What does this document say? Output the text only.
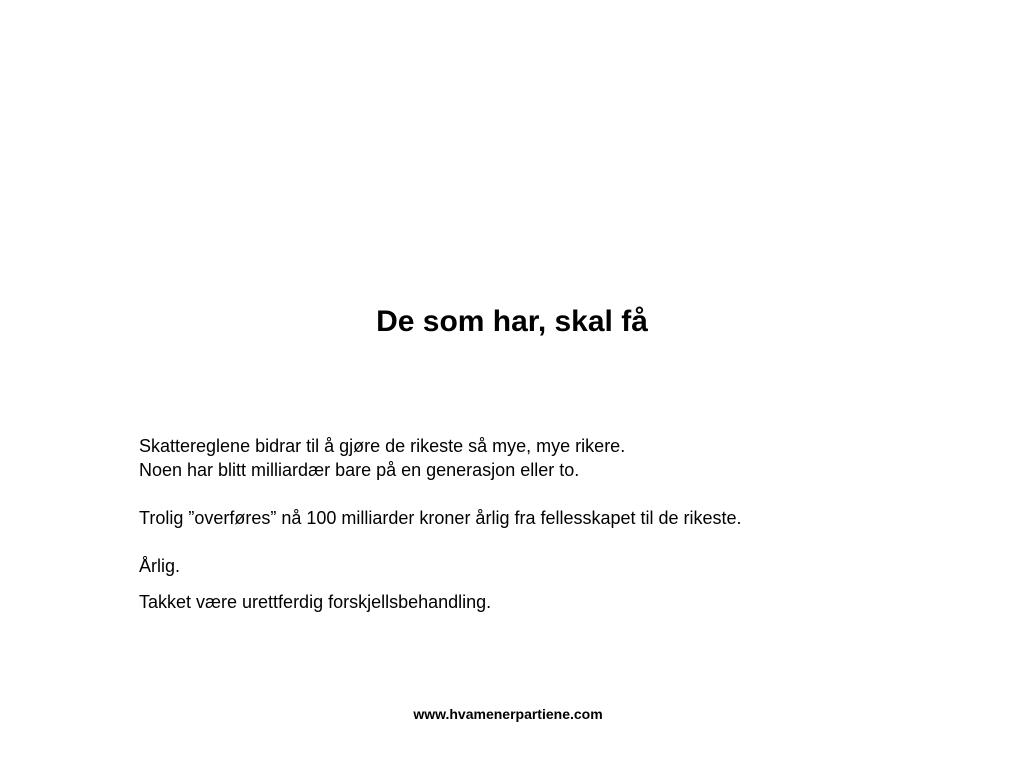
De som har, skal få

Skattereglene bidrar til å gjøre de rikeste så mye, mye rikere.

Noen har blitt milliardær bare på en generasjon eller to.

Trolig ”overføres” nå 100 milliarder kroner årlig fra fellesskapet til de rikeste.

Årlig.

Takket være urettferdig forskjellsbehandling.

www.hvamenerpartiene.com
